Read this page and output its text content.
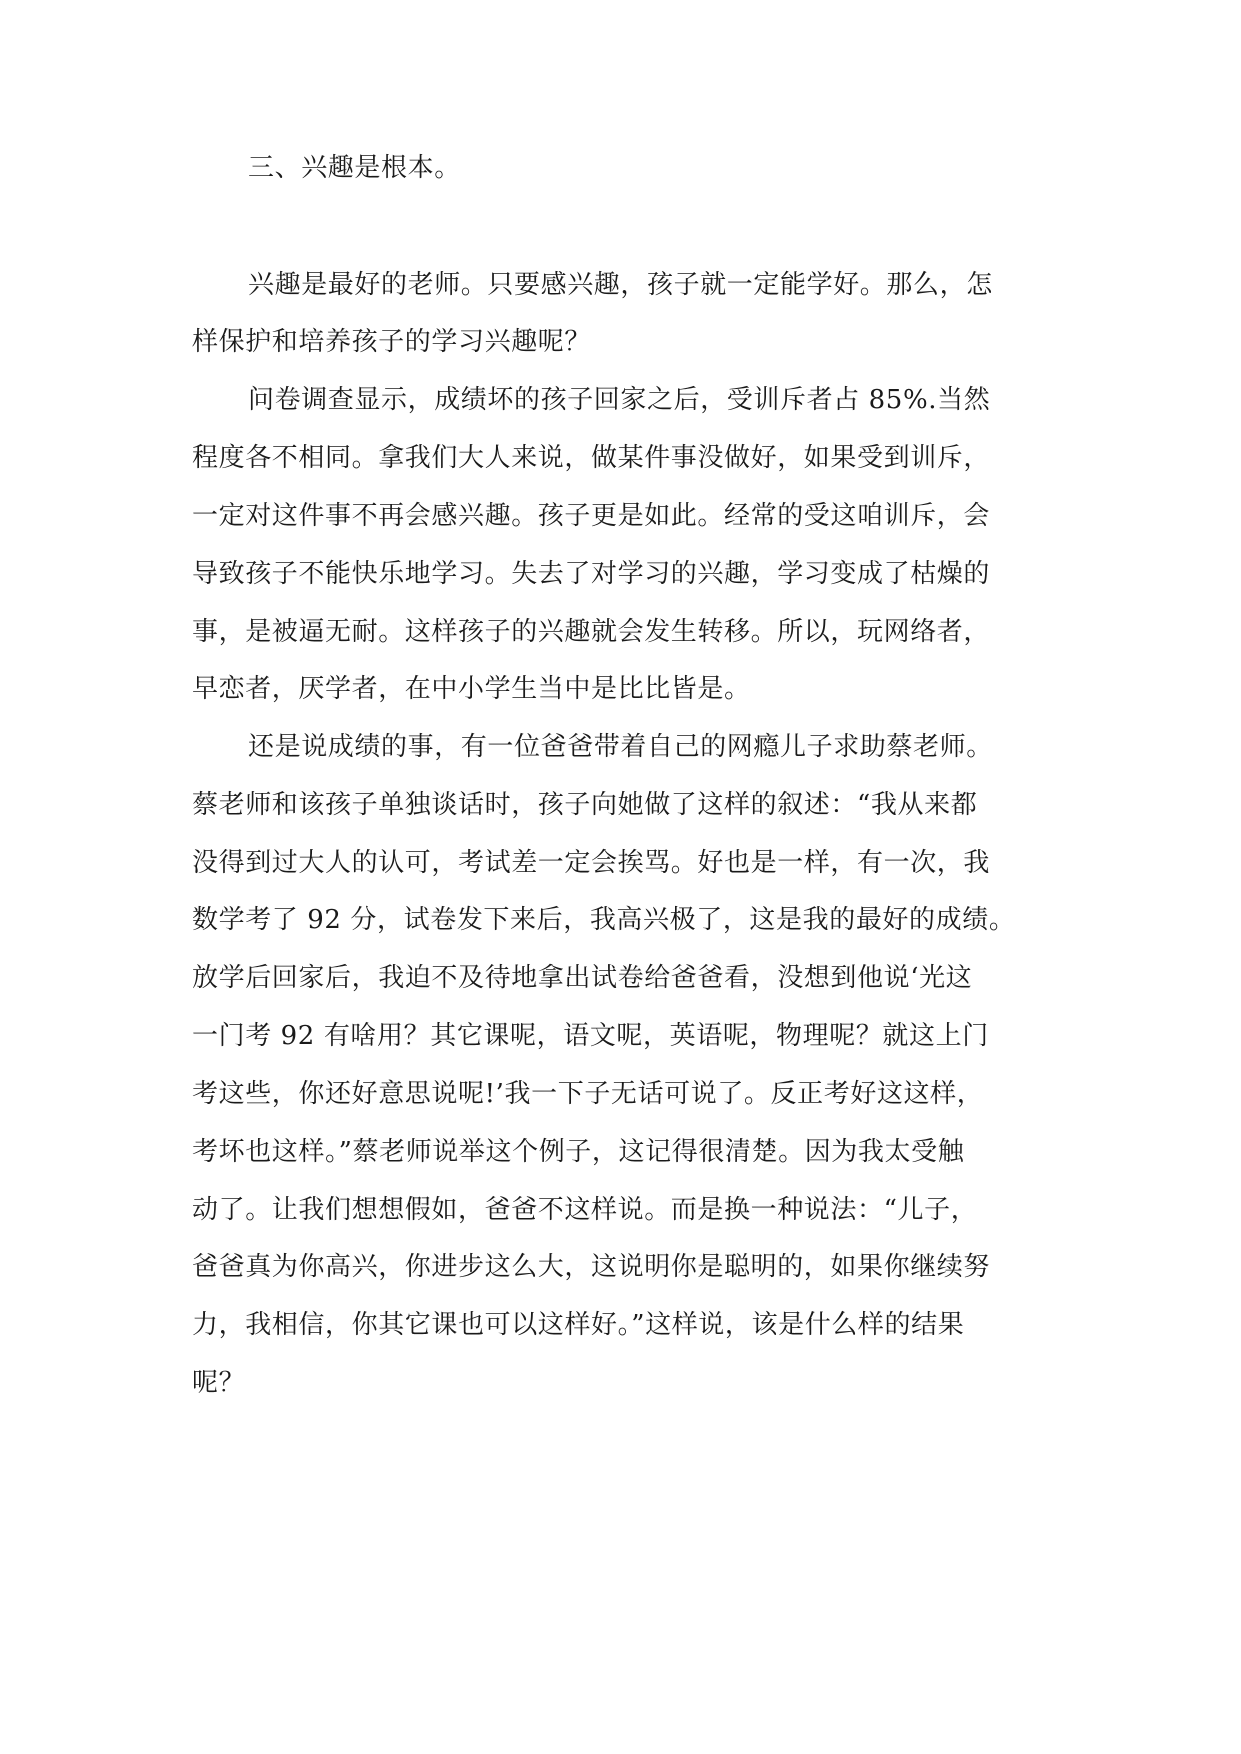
三、兴趣是根本。
兴趣是最好的老师。只要感兴趣，孩子就一定能学好。那么，怎
样保护和培养孩子的学习兴趣呢？
问卷调查显示，成绩坏的孩子回家之后，受训斥者占 85%.当然
程度各不相同。拿我们大人来说，做某件事没做好，如果受到训斥，
一定对这件事不再会感兴趣。孩子更是如此。经常的受这咱训斥，会
导致孩子不能快乐地学习。失去了对学习的兴趣，学习变成了枯燥的
事，是被逼无耐。这样孩子的兴趣就会发生转移。所以，玩网络者，
早恋者，厌学者，在中小学生当中是比比皆是。
还是说成绩的事，有一位爸爸带着自己的网瘾儿子求助蔡老师。
蔡老师和该孩子单独谈话时，孩子向她做了这样的叙述：“我从来都
没得到过大人的认可，考试差一定会挨骂。好也是一样，有一次，我
数学考了 92 分，试卷发下来后，我高兴极了，这是我的最好的成绩。
放学后回家后，我迫不及待地拿出试卷给爸爸看，没想到他说‘光这
一门考 92 有啥用？其它课呢，语文呢，英语呢，物理呢？就这上门
考这些，你还好意思说呢!’我一下子无话可说了。反正考好这这样，
考坏也这样。”蔡老师说举这个例子，这记得很清楚。因为我太受触
动了。让我们想想假如，爸爸不这样说。而是换一种说法：“儿子，
爸爸真为你高兴，你进步这么大，这说明你是聪明的，如果你继续努
力，我相信，你其它课也可以这样好。”这样说，该是什么样的结果
呢？
